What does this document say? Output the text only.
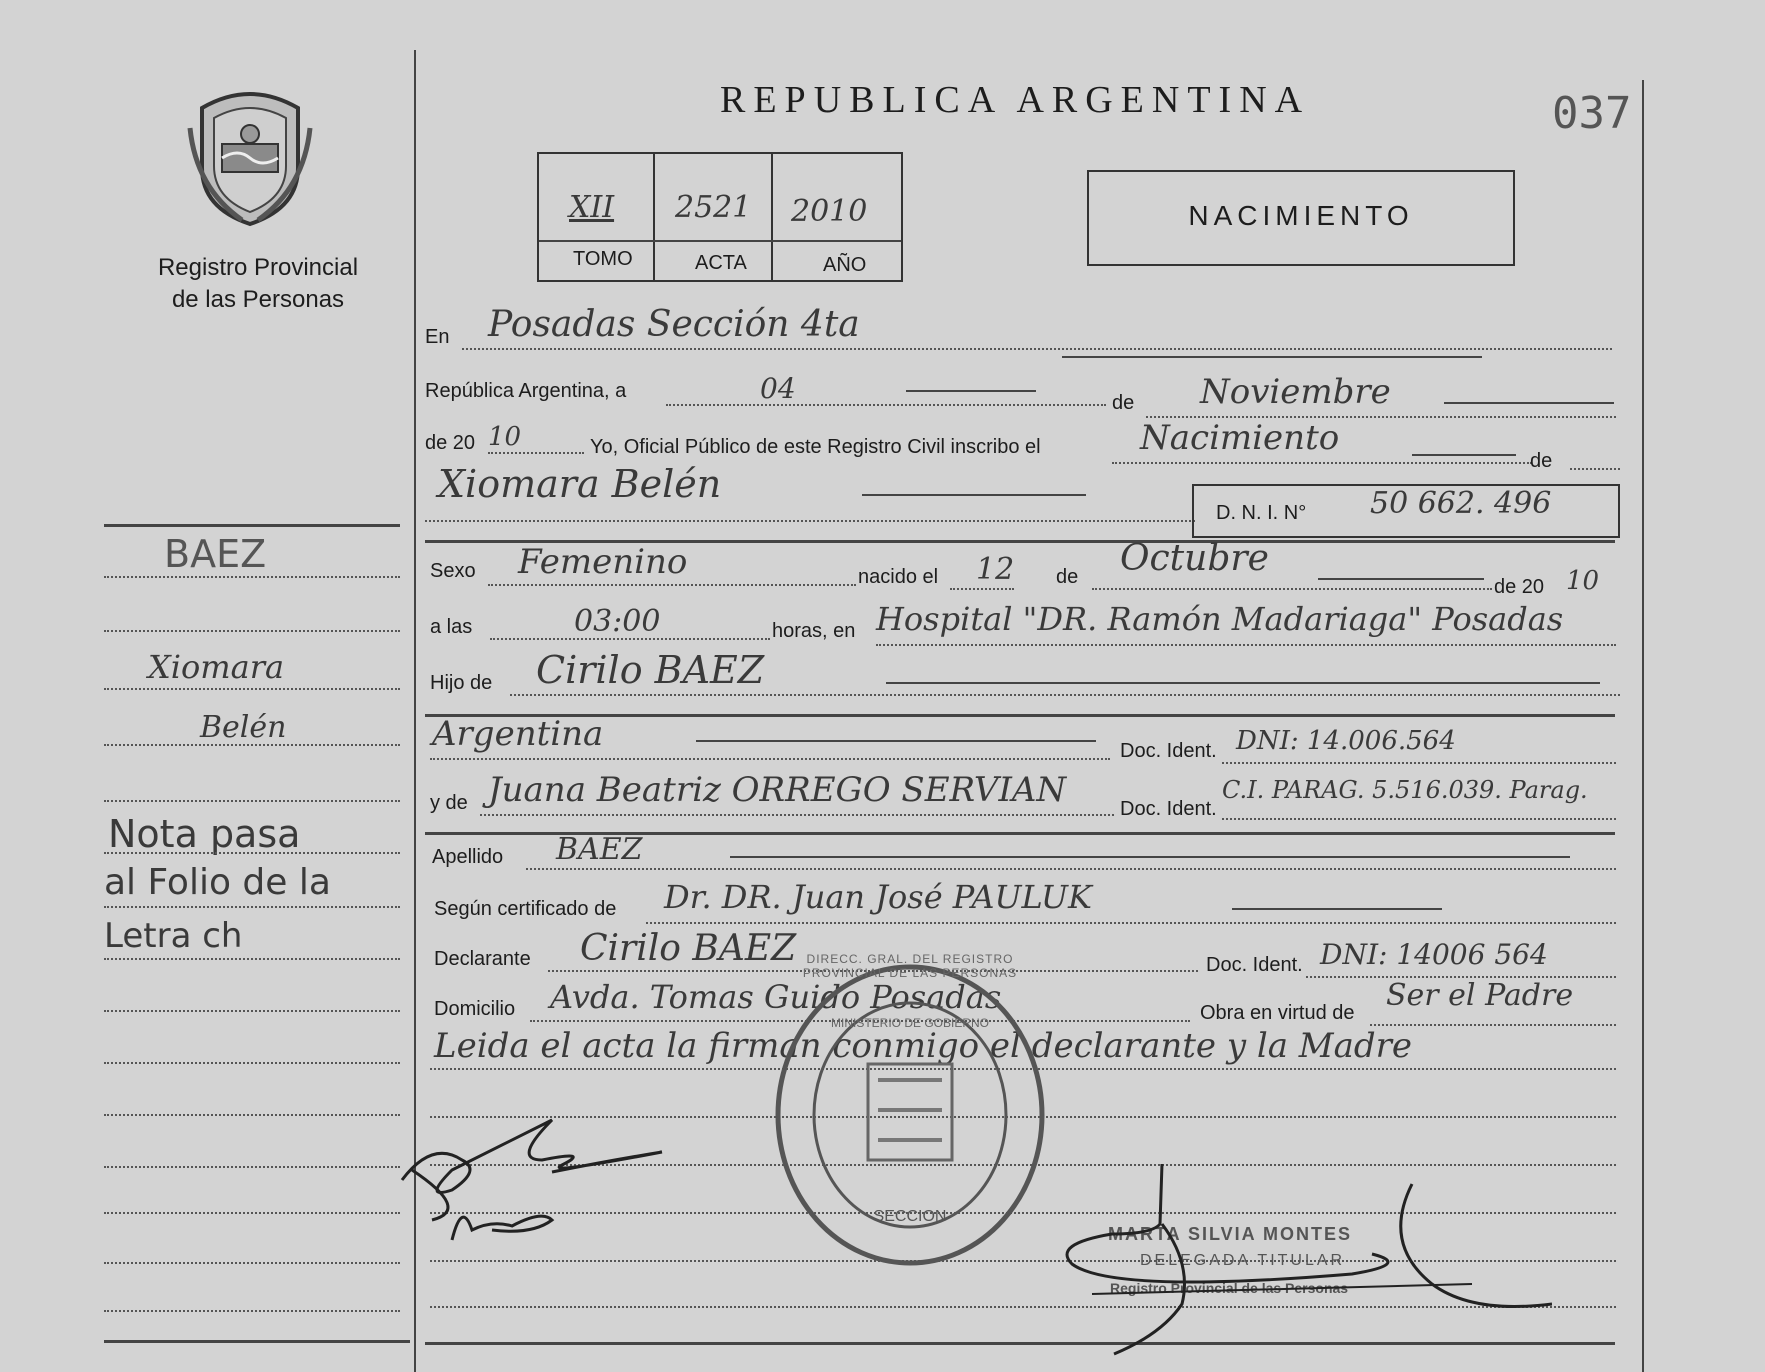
Registro Provincial
de las Personas
REPUBLICA ARGENTINA	037
XII 2521 2010
TOMO	ACTA	AÑO
NACIMIENTO
En Posadas Sección 4ta
República Argentina, a	04	de Noviembre
de 20 10	Yo, Oficial Público de este Registro Civil inscribo el	Nacimiento
de
Xiomara Belén
D. N. I. N° 50 662. 496
Sexo Femenino	nacido el 12 de Octubre
de 20 10
a las	03:00	horas, en Hospital "DR. Ramón Madariaga" Posadas
Hijo de Cirilo BAEZ
Argentina	Doc. Ident. DNI: 14.006.564
y de Juana Beatriz ORREGO SERVIAN	Doc. Ident.
C.I. PARAG. 5.516.039. Parag.
Apellido BAEZ
Según certificado de Dr. DR. Juan José PAULUK
Declarante Cirilo BAEZ	Doc. Ident. DNI: 14006 564
Domicilio Avda. Tomas Guido Posadas	Obra en virtud de Ser el Padre
Leida el acta la firman conmigo el declarante y la Madre
BAEZ
Xiomara
Belén
Nota pasa
al Folio de la
Letra ch
DIRECC. GRAL. DEL REGISTRO PROVINCIAL DE LAS PERSONAS
MINISTERIO DE GOBIERNO
SECCION
MARTA SILVIA MONTES
DELEGADA TITULAR
Registro Provincial de las Personas
